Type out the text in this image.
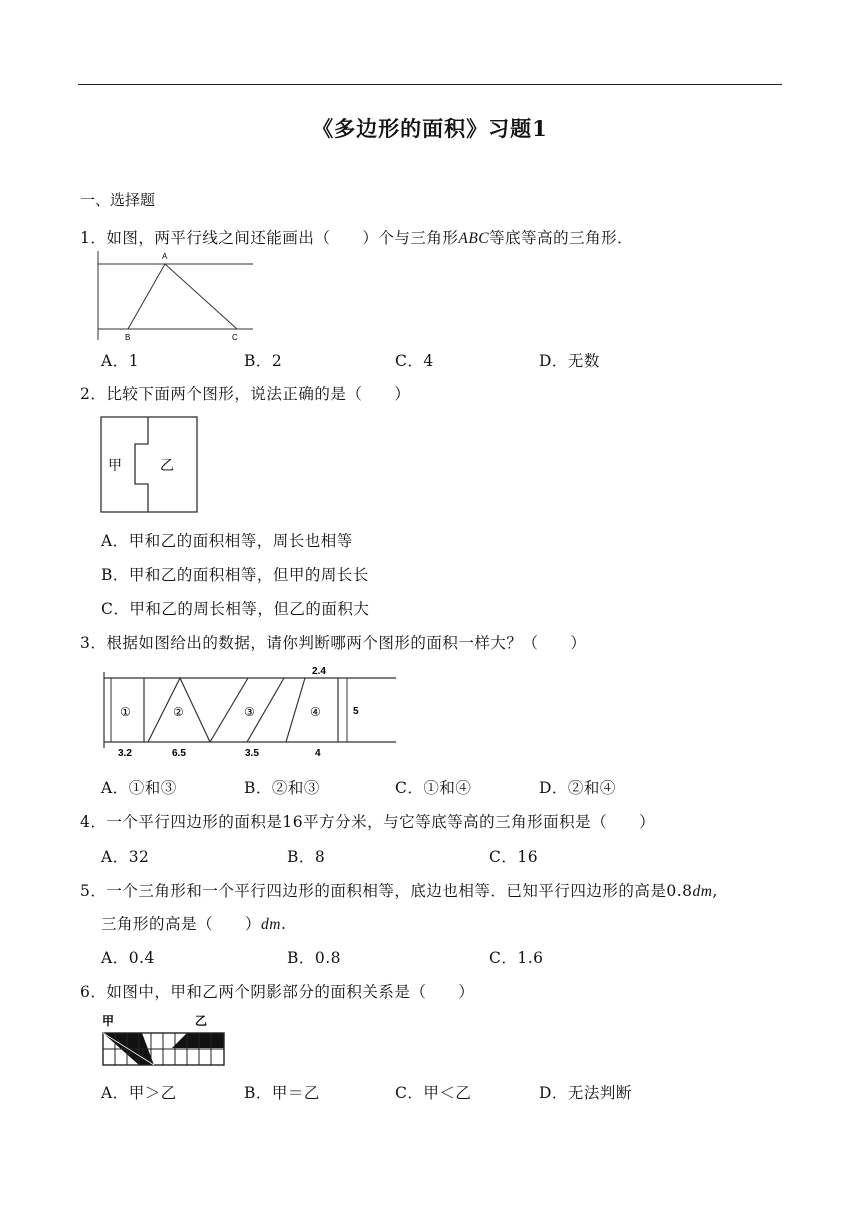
《多边形的面积》习题1
一、选择题
1．如图，两平行线之间还能画出（　　）个与三角形ABC等底等高的三角形．
A
B	C
A．1	B．2	C．4	D．无数
2．比较下面两个图形，说法正确的是（　　）
甲	乙
A．甲和乙的面积相等，周长也相等
B．甲和乙的面积相等，但甲的周长长
C．甲和乙的周长相等，但乙的面积大
3．根据如图给出的数据，请你判断哪两个图形的面积一样大？（　　）
①	②	③	④
3.2	6.5	3.5	4
2.4
5
A．①和③	B．②和③	C．①和④	D．②和④
4．一个平行四边形的面积是16平方分米，与它等底等高的三角形面积是（　　）
A．32	B．8	C．16
5．一个三角形和一个平行四边形的面积相等，底边也相等．已知平行四边形的高是0.8dm,
三角形的高是（　　）dm.
A．0.4	B．0.8	C．1.6
6．如图中，甲和乙两个阴影部分的面积关系是（　　）
甲	乙
A．甲＞乙	B．甲＝乙	C．甲＜乙	D．无法判断
